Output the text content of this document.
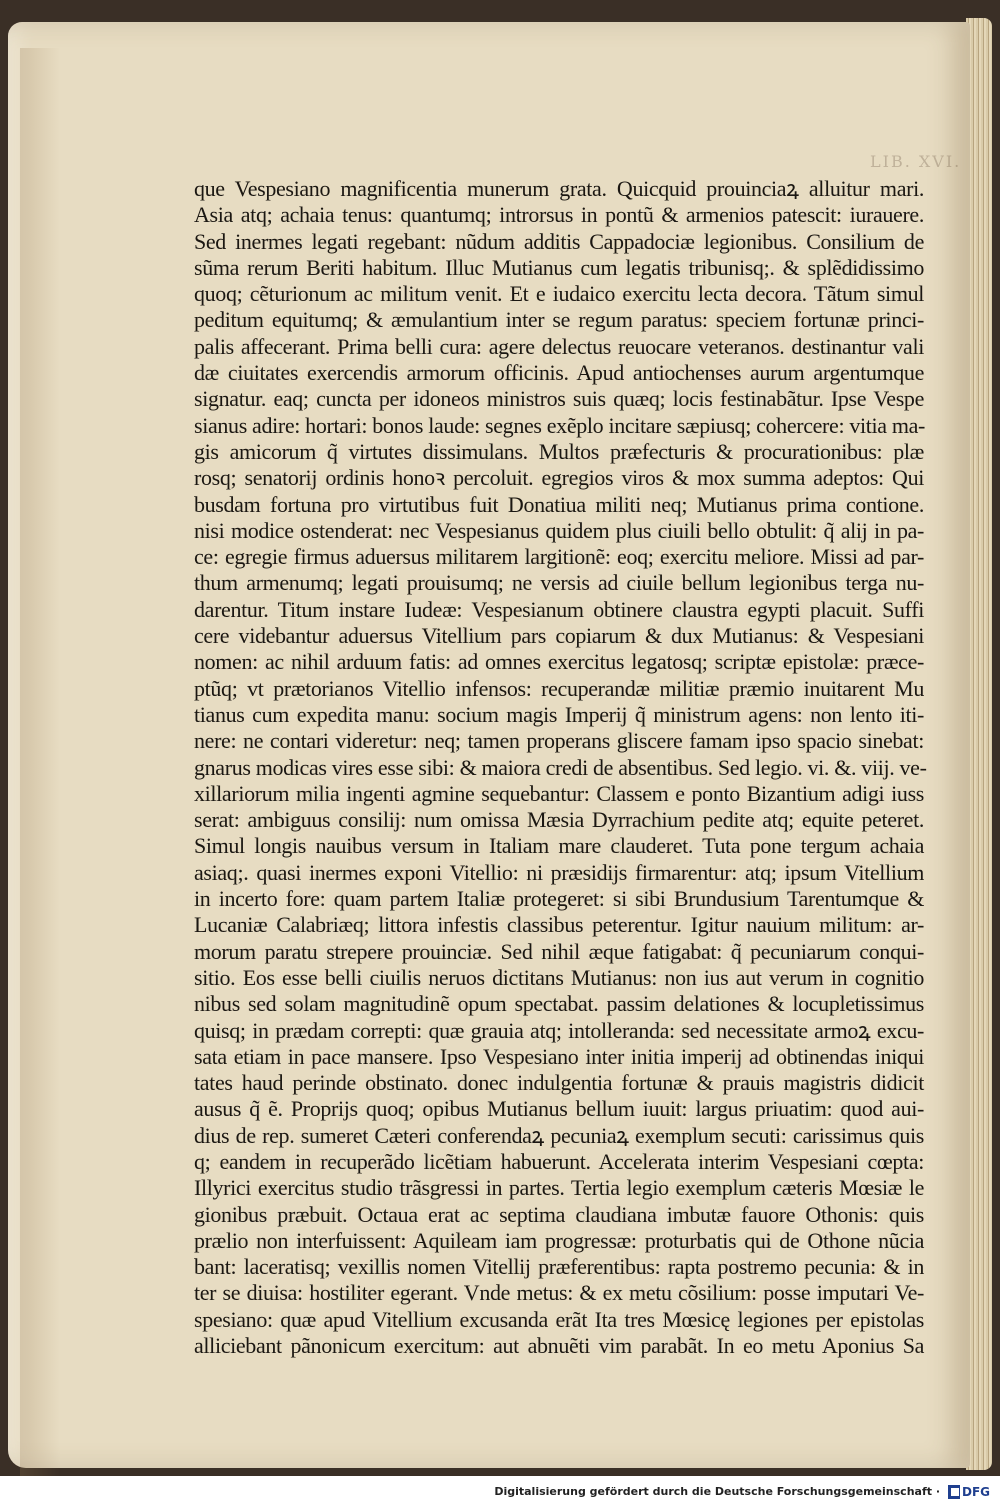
LIB. XVI.
que Vespesiano magnificentia munerum grata. Quicquid prouinciaꝝ alluitur mari.
Asia atq; achaia tenus: quantumq; introrsus in pontũ & armenios patescit: iurauere.
Sed inermes legati regebant: nũdum additis Cappadociæ legionibus. Consilium de
sũma rerum Beriti habitum. Illuc Mutianus cum legatis tribunisq;. & splẽdidissimo
quoq; cẽturionum ac militum venit. Et e iudaico exercitu lecta decora. Tãtum simul
peditum equitumq; & æmulantium inter se regum paratus: speciem fortunæ princi-
palis affecerant. Prima belli cura: agere delectus reuocare veteranos. destinantur vali
dæ ciuitates exercendis armorum officinis. Apud antiochenses aurum argentumque
signatur. eaq; cuncta per idoneos ministros suis quæq; locis festinabãtur. Ipse Vespe
sianus adire: hortari: bonos laude: segnes exẽplo incitare sæpiusq; cohercere: vitia ma-
gis amicorum q̃ virtutes dissimulans. Multos præfecturis & procurationibus: plæ
rosq; senatorij ordinis honoꝛ percoluit. egregios viros & mox summa adeptos: Qui
busdam fortuna pro virtutibus fuit Donatiua militi neq; Mutianus prima contione.
nisi modice ostenderat: nec Vespesianus quidem plus ciuili bello obtulit: q̃ alij in pa-
ce: egregie firmus aduersus militarem largitionẽ: eoq; exercitu meliore. Missi ad par-
thum armenumq; legati prouisumq; ne versis ad ciuile bellum legionibus terga nu-
darentur. Titum instare Iudeæ: Vespesianum obtinere claustra egypti placuit. Suffi
cere videbantur aduersus Vitellium pars copiarum & dux Mutianus: & Vespesiani
nomen: ac nihil arduum fatis: ad omnes exercitus legatosq; scriptæ epistolæ: præce-
ptũq; vt prætorianos Vitellio infensos: recuperandæ militiæ præmio inuitarent Mu
tianus cum expedita manu: socium magis Imperij q̃ ministrum agens: non lento iti-
nere: ne contari videretur: neq; tamen properans gliscere famam ipso spacio sinebat:
gnarus modicas vires esse sibi: & maiora credi de absentibus. Sed legio. vi. &. viij. ve-
xillariorum milia ingenti agmine sequebantur: Classem e ponto Bizantium adigi iuss
serat: ambiguus consilij: num omissa Mæsia Dyrrachium pedite atq; equite peteret.
Simul longis nauibus versum in Italiam mare clauderet. Tuta pone tergum achaia
asiaq;. quasi inermes exponi Vitellio: ni præsidijs firmarentur: atq; ipsum Vitellium
in incerto fore: quam partem Italiæ protegeret: si sibi Brundusium Tarentumque &
Lucaniæ Calabriæq; littora infestis classibus peterentur. Igitur nauium militum: ar-
morum paratu strepere prouinciæ. Sed nihil æque fatigabat: q̃ pecuniarum conqui-
sitio. Eos esse belli ciuilis neruos dictitans Mutianus: non ius aut verum in cognitio
nibus sed solam magnitudinẽ opum spectabat. passim delationes & locupletissimus
quisq; in prædam correpti: quæ grauia atq; intolleranda: sed necessitate armoꝝ excu-
sata etiam in pace mansere. Ipso Vespesiano inter initia imperij ad obtinendas iniqui
tates haud perinde obstinato. donec indulgentia fortunæ & prauis magistris didicit
ausus q̃ ẽ. Proprijs quoq; opibus Mutianus bellum iuuit: largus priuatim: quod aui-
dius de rep. sumeret Cæteri conferendaꝝ pecuniaꝝ exemplum secuti: carissimus quis
q; eandem in recuperãdo licẽtiam habuerunt. Accelerata interim Vespesiani cœpta:
Illyrici exercitus studio trãsgressi in partes. Tertia legio exemplum cæteris Mœsiæ le
gionibus præbuit. Octaua erat ac septima claudiana imbutæ fauore Othonis: quis
prælio non interfuissent: Aquileam iam progressæ: proturbatis qui de Othone nũcia
bant: laceratisq; vexillis nomen Vitellij præferentibus: rapta postremo pecunia: & in
ter se diuisa: hostiliter egerant. Vnde metus: & ex metu cõsilium: posse imputari Ve-
spesiano: quæ apud Vitellium excusanda erãt Ita tres Mœsicę legiones per epistolas
alliciebant pãnonicum exercitum: aut abnuẽti vim parabãt. In eo metu Aponius Sa
Digitalisierung gefördert durch die Deutsche Forschungsgemeinschaft · DFG
